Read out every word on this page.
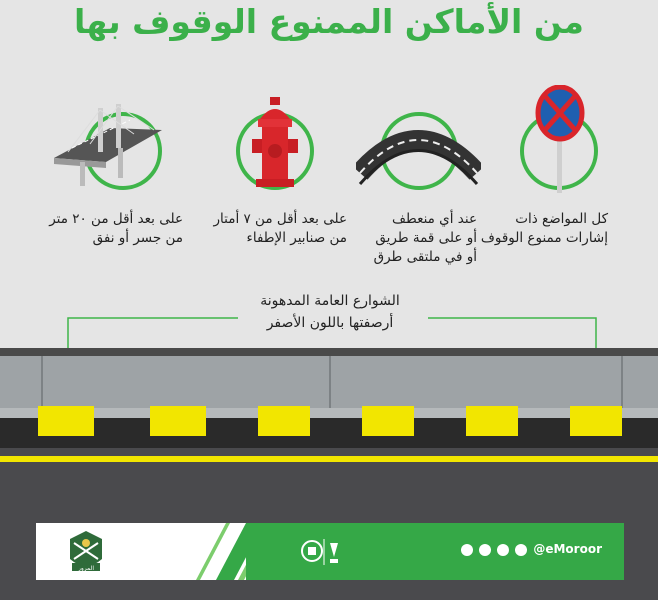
من الأماكن الممنوع الوقوف بها
كل المواضع ذات
إشارات ممنوع الوقوف
عند أي منعطف
أو على قمة طريق
أو في ملتقى طرق
على بعد أقل من ٧ أمتار
من صنابير الإطفاء
على بعد أقل من ٢٠ متر
من جسر أو نفق
الشوارع العامة المدهونة
أرصفتها باللون الأصفر
@eMoroor
المرور
